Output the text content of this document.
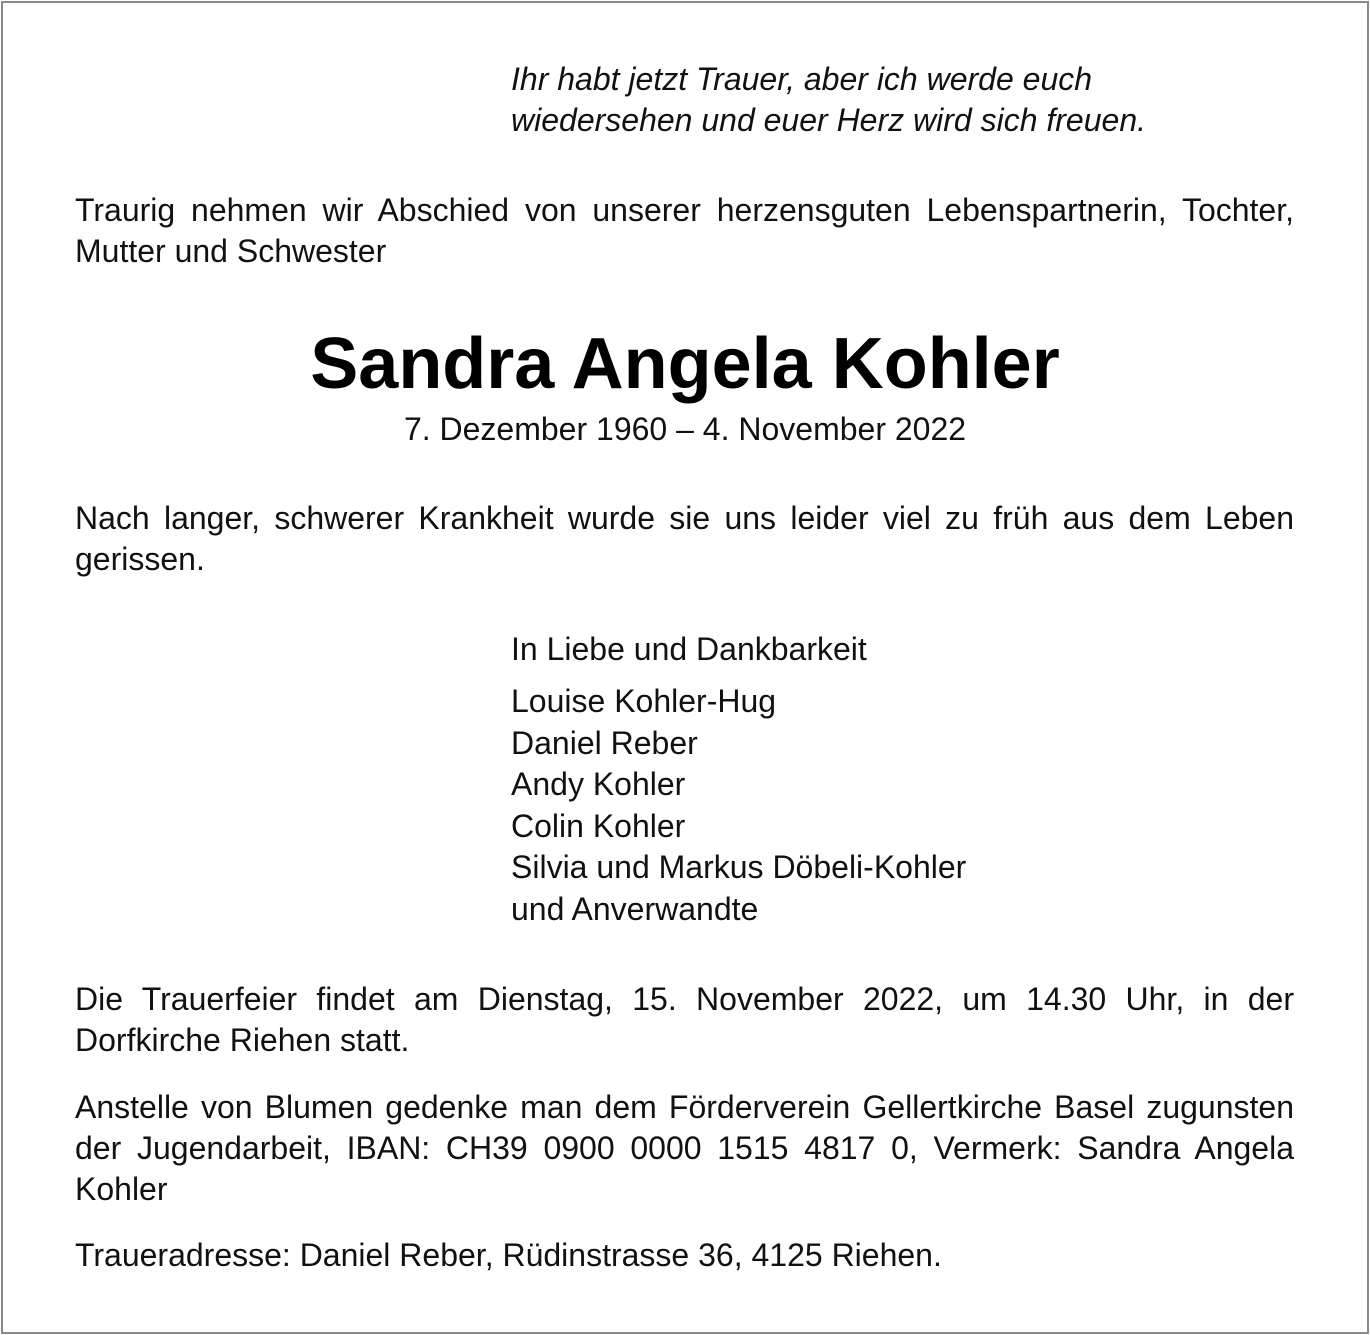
Ihr habt jetzt Trauer, aber ich werde euch
wiedersehen und euer Herz wird sich freuen.

Traurig nehmen wir Abschied von unserer herzensguten Lebenspartnerin, Tochter, Mutter und Schwester

Sandra Angela Kohler

7. Dezember 1960 – 4. November 2022

Nach langer, schwerer Krankheit wurde sie uns leider viel zu früh aus dem Leben gerissen.

In Liebe und Dankbarkeit

Louise Kohler-Hug
Daniel Reber
Andy Kohler
Colin Kohler
Silvia und Markus Döbeli-Kohler
und Anverwandte

Die Trauerfeier findet am Dienstag, 15. November 2022, um 14.30 Uhr, in der Dorfkirche Riehen statt.

Anstelle von Blumen gedenke man dem Förderverein Gellertkirche Basel zugunsten der Jugendarbeit, IBAN: CH39 0900 0000 1515 4817 0, Vermerk: Sandra Angela Kohler

Traueradresse: Daniel Reber, Rüdinstrasse 36, 4125 Riehen.
